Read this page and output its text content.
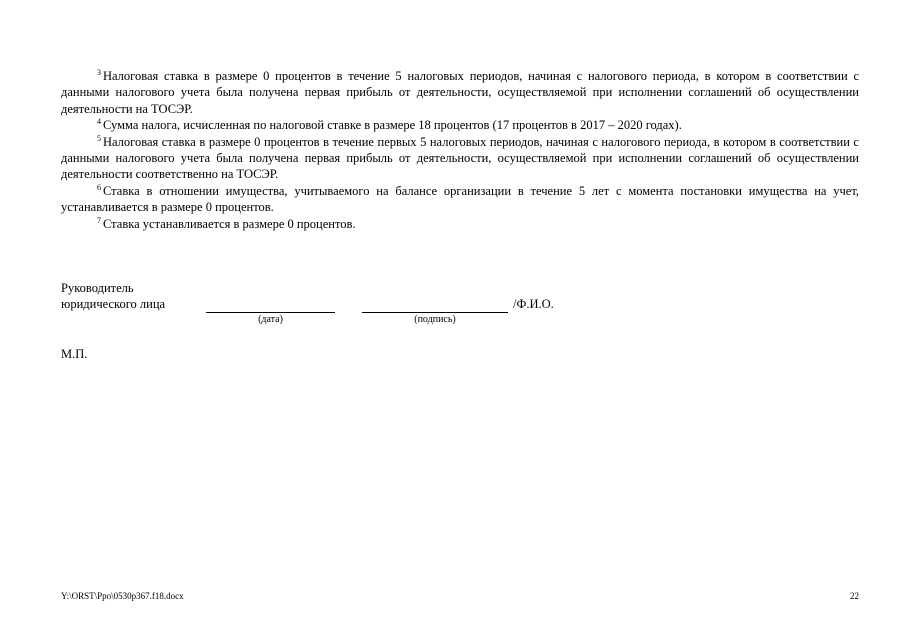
$^3$ Налоговая ставка в размере 0 процентов в течение 5 налоговых периодов, начиная с налогового периода, в котором в соответствии с данными налогового учета была получена первая прибыль от деятельности, осуществляемой при исполнении соглашений об осуществлении деятельности на ТОСЭР.

$^4$ Сумма налога, исчисленная по налоговой ставке в размере 18 процентов (17 процентов в 2017 – 2020 годах).

$^5$ Налоговая ставка в размере 0 процентов в течение первых 5 налоговых периодов, начиная с налогового периода, в котором в соответствии с данными налогового учета была получена первая прибыль от деятельности, осуществляемой при исполнении соглашений об осуществлении деятельности соответственно на ТОСЭР.

$^6$ Ставка в отношении имущества, учитываемого на балансе организации в течение 5 лет с момента постановки имущества на учет, устанавливается в размере 0 процентов.

$^7$ Ставка устанавливается в размере 0 процентов.

Руководитель
юридического лица	/Ф.И.О.
(дата)	(подпись)
М.П.
Y:\ORST\Ppo\0530p367.f18.docx	22
